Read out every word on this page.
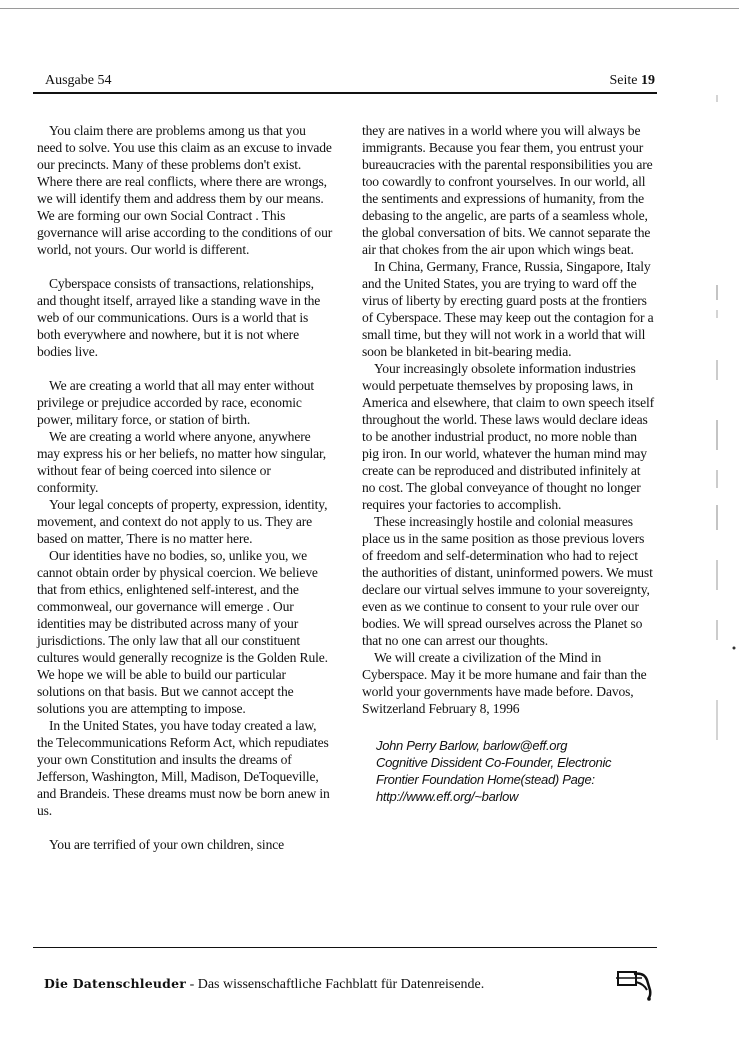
Ausgabe 54	Seite 19

You claim there are problems among us that you need to solve. You use this claim as an excuse to invade our precincts. Many of these problems don't exist. Where there are real conflicts, where there are wrongs, we will identify them and address them by our means. We are forming our own Social Contract . This governance will arise according to the conditions of our world, not yours. Our world is different.

Cyberspace consists of transactions, relationships, and thought itself, arrayed like a standing wave in the web of our communications. Ours is a world that is both everywhere and nowhere, but it is not where bodies live.

We are creating a world that all may enter without privilege or prejudice accorded by race, economic power, military force, or station of birth.

We are creating a world where anyone, anywhere may express his or her beliefs, no matter how singular, without fear of being coerced into silence or conformity.

Your legal concepts of property, expression, identity, movement, and context do not apply to us. They are based on matter, There is no matter here.

Our identities have no bodies, so, unlike you, we cannot obtain order by physical coercion. We believe that from ethics, enlightened self-interest, and the commonweal, our governance will emerge . Our identities may be distributed across many of your jurisdictions. The only law that all our constituent cultures would generally recognize is the Golden Rule. We hope we will be able to build our particular solutions on that basis. But we cannot accept the solutions you are attempting to impose.

In the United States, you have today created a law, the Telecommunications Reform Act, which repudiates your own Constitution and insults the dreams of Jefferson, Washington, Mill, Madison, DeToqueville, and Brandeis. These dreams must now be born anew in us.

You are terrified of your own children, since

they are natives in a world where you will always be immigrants. Because you fear them, you entrust your bureaucracies with the parental responsibilities you are too cowardly to confront yourselves. In our world, all the sentiments and expressions of humanity, from the debasing to the angelic, are parts of a seamless whole, the global conversation of bits. We cannot separate the air that chokes from the air upon which wings beat.

In China, Germany, France, Russia, Singapore, Italy and the United States, you are trying to ward off the virus of liberty by erecting guard posts at the frontiers of Cyberspace. These may keep out the contagion for a small time, but they will not work in a world that will soon be blanketed in bit-bearing media.

Your increasingly obsolete information industries would perpetuate themselves by proposing laws, in America and elsewhere, that claim to own speech itself throughout the world. These laws would declare ideas to be another industrial product, no more noble than pig iron. In our world, whatever the human mind may create can be reproduced and distributed infinitely at no cost. The global conveyance of thought no longer requires your factories to accomplish.

These increasingly hostile and colonial measures place us in the same position as those previous lovers of freedom and self-determination who had to reject the authorities of distant, uninformed powers. We must declare our virtual selves immune to your sovereignty, even as we continue to consent to your rule over our bodies. We will spread ourselves across the Planet so that no one can arrest our thoughts.

We will create a civilization of the Mind in Cyberspace. May it be more humane and fair than the world your governments have made before. Davos, Switzerland February 8, 1996

John Perry Barlow, barlow@eff.org
Cognitive Dissident Co-Founder, Electronic
Frontier Foundation Home(stead) Page:
http://www.eff.org/~barlow
Die Datenschleuder - Das wissenschaftliche Fachblatt für Datenreisende.
